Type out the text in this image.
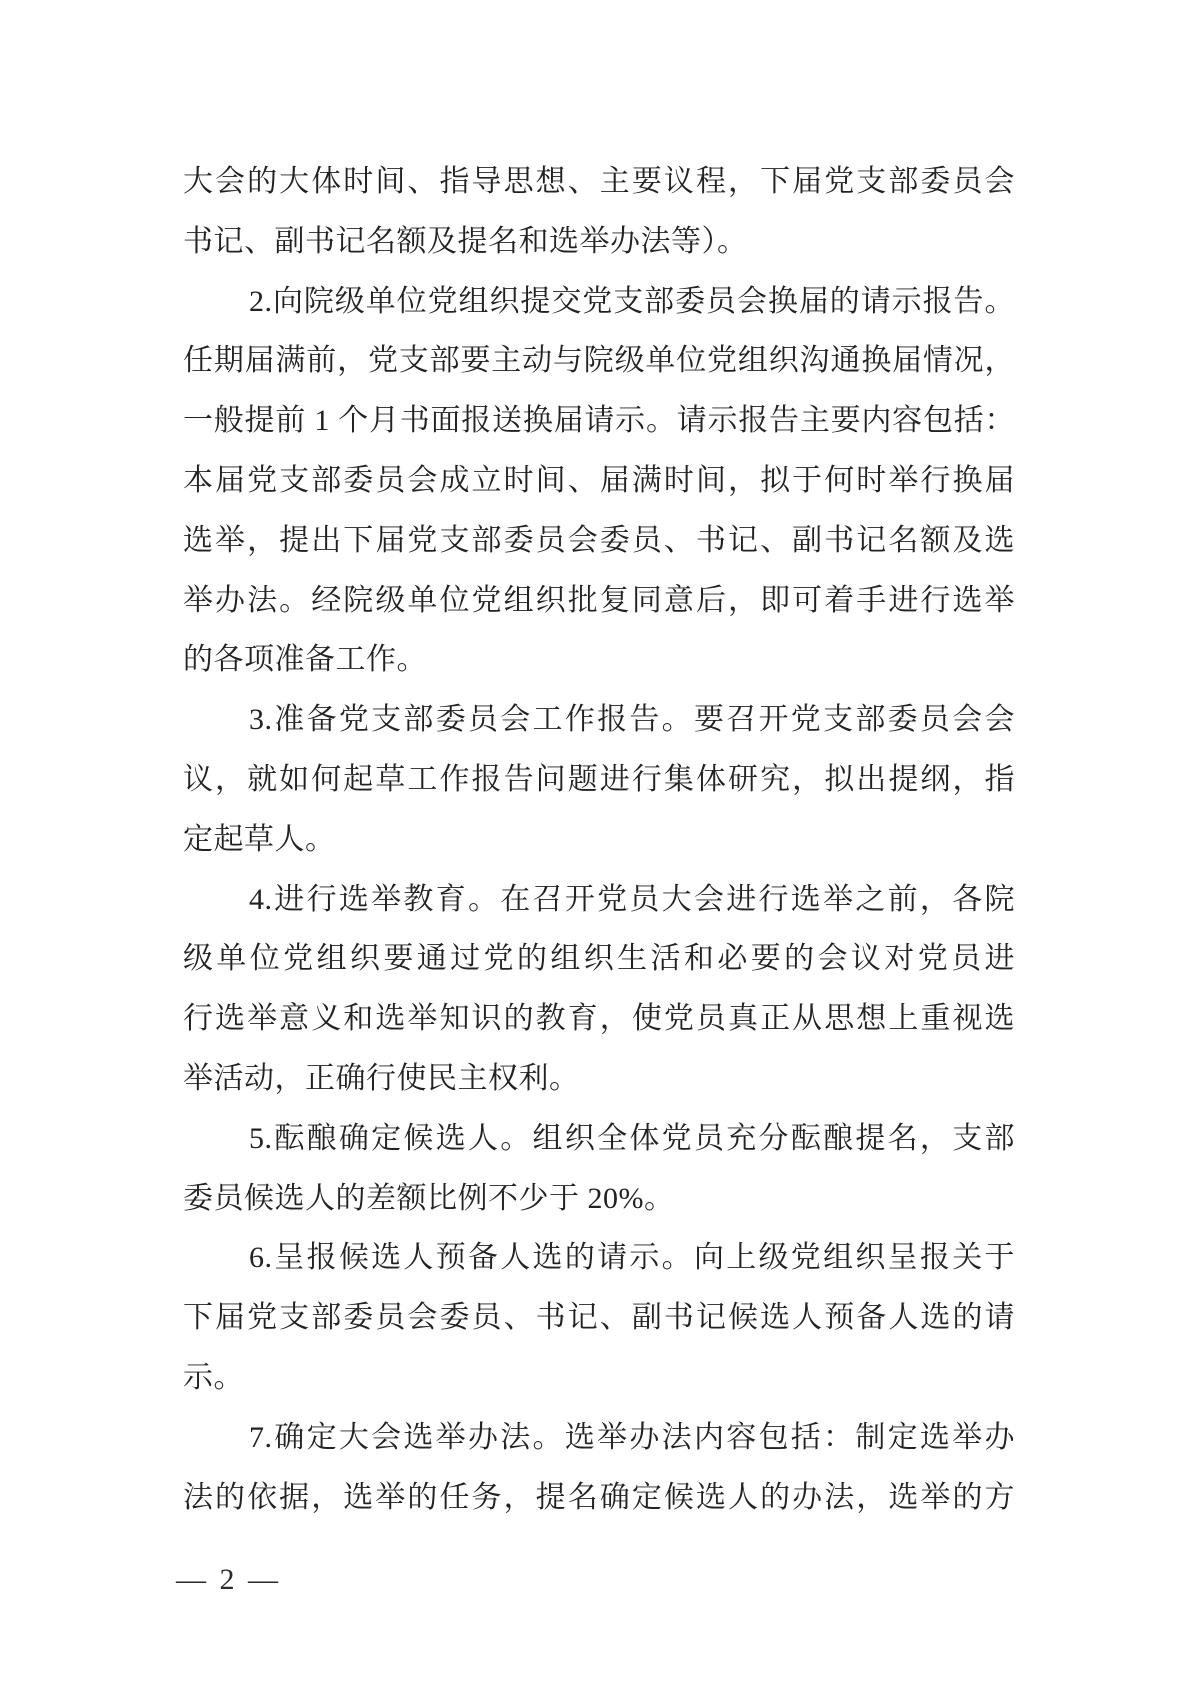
大会的大体时间、指导思想、主要议程，下届党支部委员会
书记、副书记名额及提名和选举办法等）。
2.向院级单位党组织提交党支部委员会换届的请示报告。
任期届满前，党支部要主动与院级单位党组织沟通换届情况，
一般提前 1 个月书面报送换届请示。请示报告主要内容包括：
本届党支部委员会成立时间、届满时间，拟于何时举行换届
选举，提出下届党支部委员会委员、书记、副书记名额及选
举办法。经院级单位党组织批复同意后，即可着手进行选举
的各项准备工作。
3.准备党支部委员会工作报告。要召开党支部委员会会
议，就如何起草工作报告问题进行集体研究，拟出提纲，指
定起草人。
4.进行选举教育。在召开党员大会进行选举之前，各院
级单位党组织要通过党的组织生活和必要的会议对党员进
行选举意义和选举知识的教育，使党员真正从思想上重视选
举活动，正确行使民主权利。
5.酝酿确定候选人。组织全体党员充分酝酿提名，支部
委员候选人的差额比例不少于 20%。
6.呈报候选人预备人选的请示。向上级党组织呈报关于
下届党支部委员会委员、书记、副书记候选人预备人选的请
示。
7.确定大会选举办法。选举办法内容包括：制定选举办
法的依据，选举的任务，提名确定候选人的办法，选举的方
— 2 —
